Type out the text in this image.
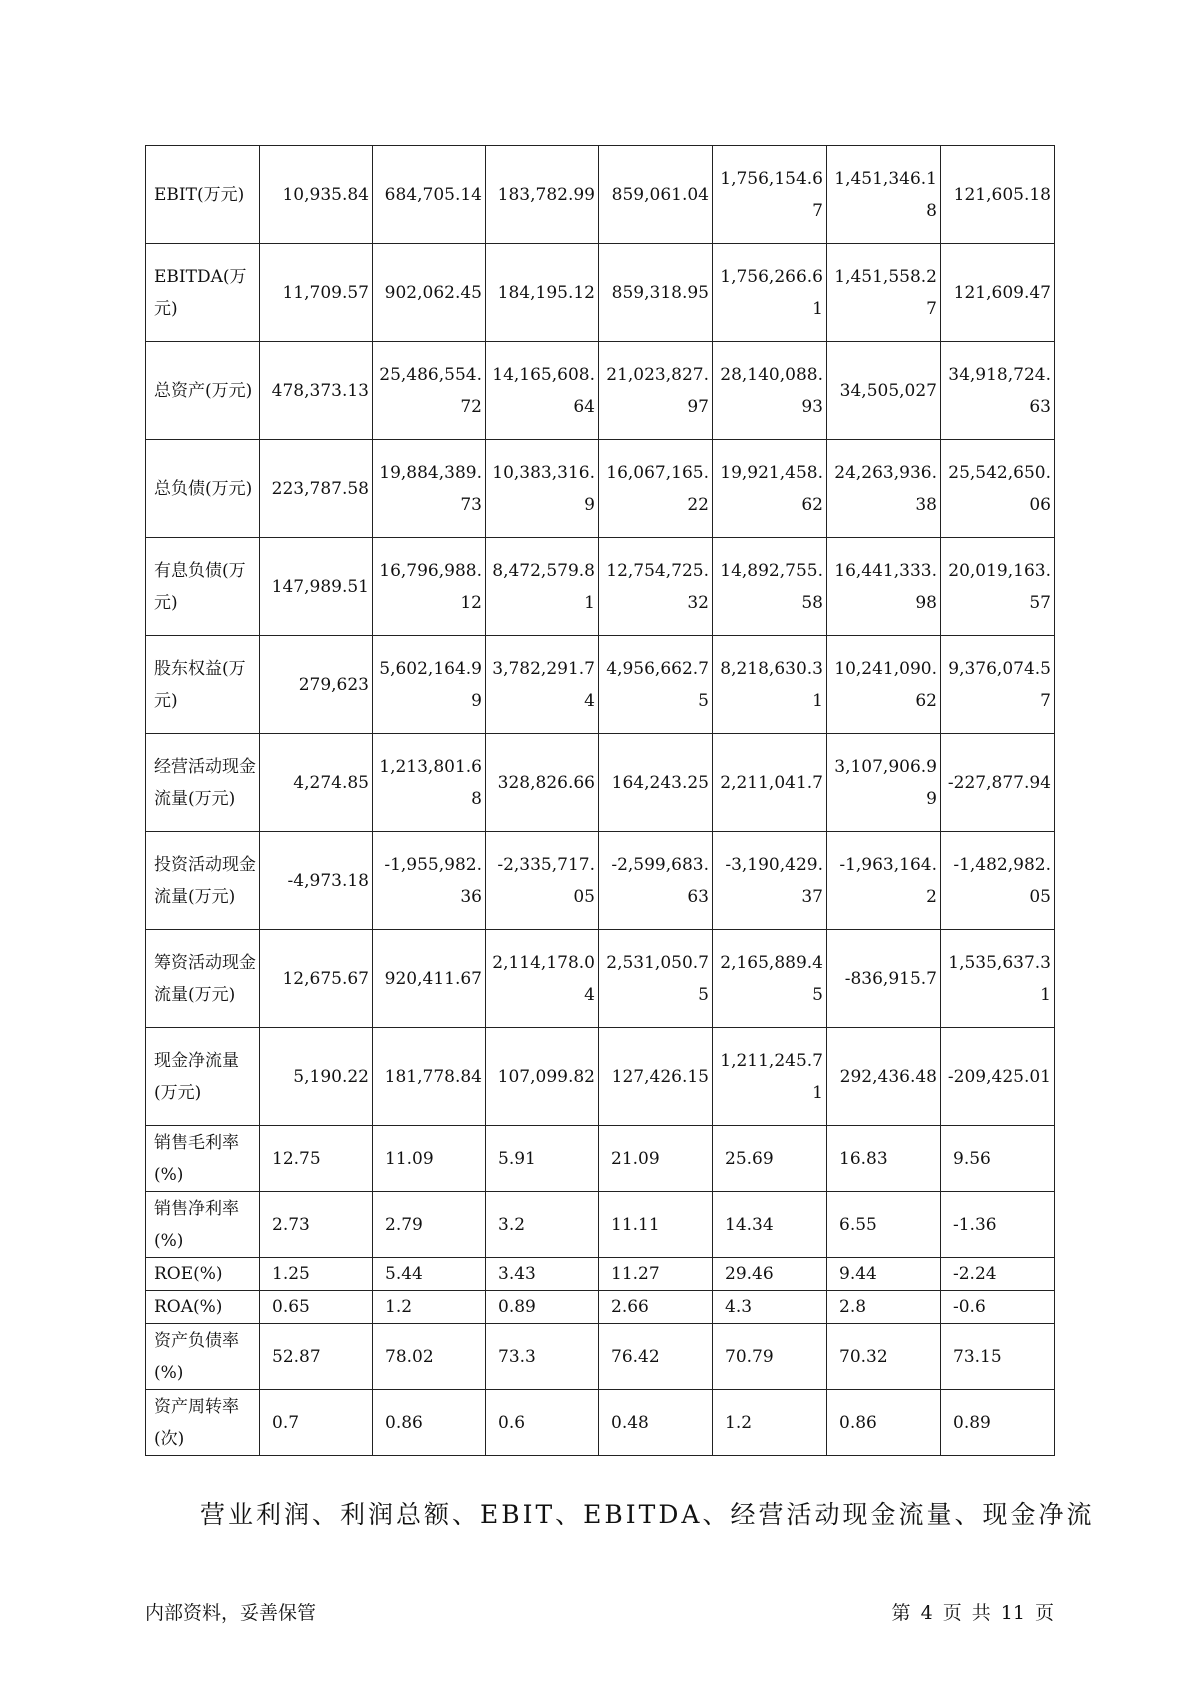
EBIT(万元)	10,935.84	684,705.14	183,782.99	859,061.04	1,756,154.67	1,451,346.18	121,605.18
EBITDA(万元)	11,709.57	902,062.45	184,195.12	859,318.95	1,756,266.61	1,451,558.27	121,609.47
总资产(万元)	478,373.13	25,486,554.72	14,165,608.64	21,023,827.97	28,140,088.93	34,505,027	34,918,724.63
总负债(万元)	223,787.58	19,884,389.73	10,383,316.9	16,067,165.22	19,921,458.62	24,263,936.38	25,542,650.06
有息负债(万元)	147,989.51	16,796,988.12	8,472,579.81	12,754,725.32	14,892,755.58	16,441,333.98	20,019,163.57
股东权益(万元)	279,623	5,602,164.99	3,782,291.74	4,956,662.75	8,218,630.31	10,241,090.62	9,376,074.57
经营活动现金流量(万元)	4,274.85	1,213,801.68	328,826.66	164,243.25	2,211,041.7	3,107,906.99	-227,877.94
投资活动现金流量(万元)	-4,973.18	-1,955,982.36	-2,335,717.05	-2,599,683.63	-3,190,429.37	-1,963,164.2	-1,482,982.05
筹资活动现金流量(万元)	12,675.67	920,411.67	2,114,178.04	2,531,050.75	2,165,889.45	-836,915.7	1,535,637.31
现金净流量(万元)	5,190.22	181,778.84	107,099.82	127,426.15	1,211,245.71	292,436.48	-209,425.01
销售毛利率(%)	12.75	11.09	5.91	21.09	25.69	16.83	9.56
销售净利率(%)	2.73	2.79	3.2	11.11	14.34	6.55	-1.36
ROE(%)	1.25	5.44	3.43	11.27	29.46	9.44	-2.24
ROA(%)	0.65	1.2	0.89	2.66	4.3	2.8	-0.6
资产负债率(%)	52.87	78.02	73.3	76.42	70.79	70.32	73.15
资产周转率(次)	0.7	0.86	0.6	0.48	1.2	0.86	0.89
营业利润、利润总额、EBIT、EBITDA、经营活动现金流量、现金净流
内部资料，妥善保管	第 4 页 共 11 页
